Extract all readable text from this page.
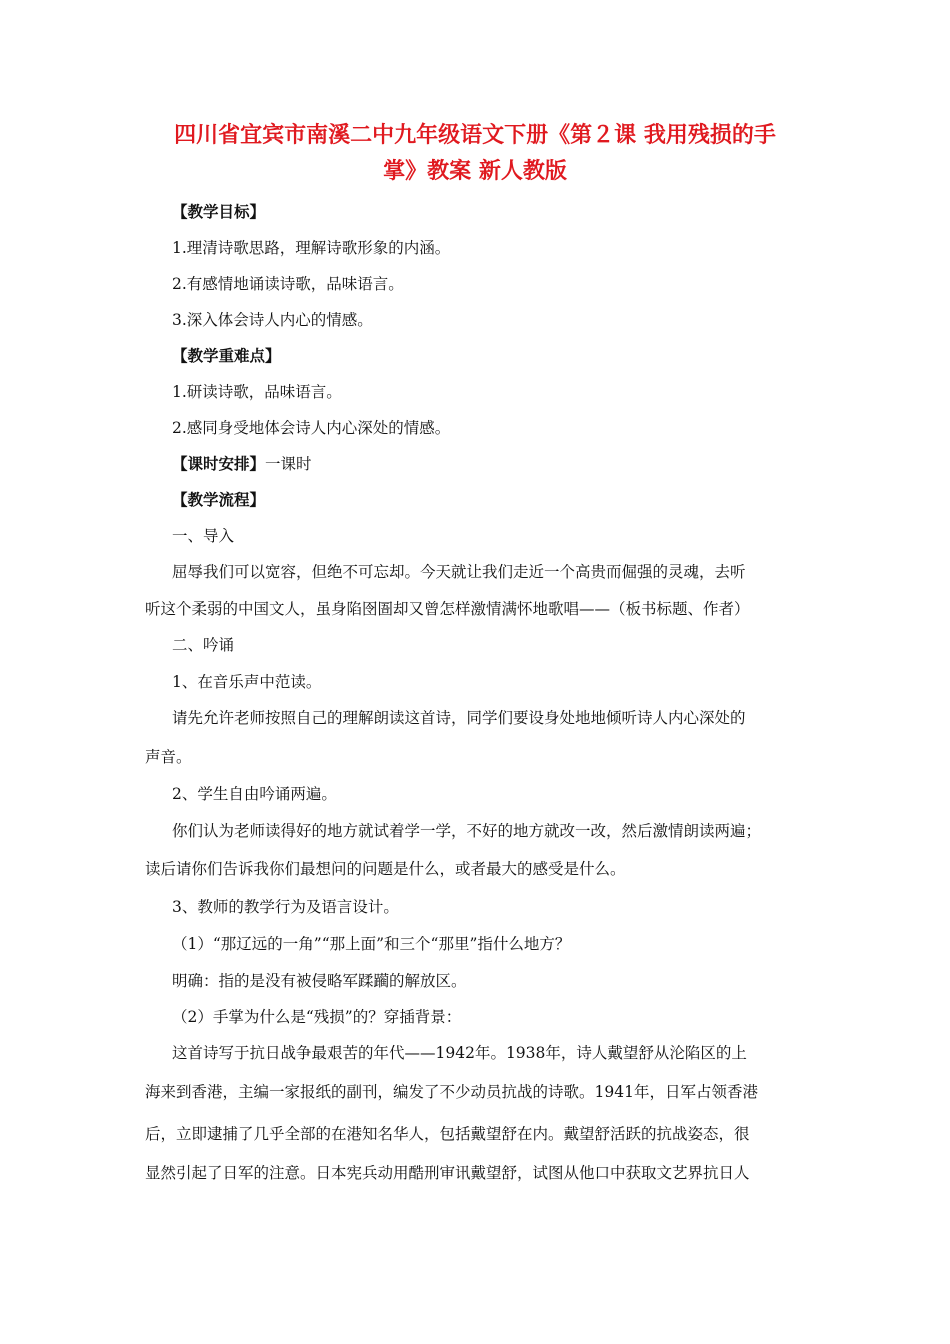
四川省宜宾市南溪二中九年级语文下册《第２课 我用残损的手
掌》教案 新人教版
【教学目标】
1.理清诗歌思路，理解诗歌形象的内涵。
2.有感情地诵读诗歌，品味语言。
3.深入体会诗人内心的情感。
【教学重难点】
1.研读诗歌，品味语言。
2.感同身受地体会诗人内心深处的情感。
【课时安排】一课时
【教学流程】
一、导入
屈辱我们可以宽容，但绝不可忘却。今天就让我们走近一个高贵而倔强的灵魂，去听
听这个柔弱的中国文人，虽身陷囹圄却又曾怎样激情满怀地歌唱——（板书标题、作者）
二、吟诵
1、在音乐声中范读。
请先允许老师按照自己的理解朗读这首诗，同学们要设身处地地倾听诗人内心深处的
声音。
2、学生自由吟诵两遍。
你们认为老师读得好的地方就试着学一学，不好的地方就改一改，然后激情朗读两遍；
读后请你们告诉我你们最想问的问题是什么，或者最大的感受是什么。
3、教师的教学行为及语言设计。
（1）“那辽远的一角”“那上面”和三个“那里”指什么地方？
明确：指的是没有被侵略军蹂躏的解放区。
（2）手掌为什么是“残损”的？穿插背景：
这首诗写于抗日战争最艰苦的年代——1942年。1938年，诗人戴望舒从沦陷区的上
海来到香港，主编一家报纸的副刊，编发了不少动员抗战的诗歌。1941年，日军占领香港
后，立即逮捕了几乎全部的在港知名华人，包括戴望舒在内。戴望舒活跃的抗战姿态，很
显然引起了日军的注意。日本宪兵动用酷刑审讯戴望舒，试图从他口中获取文艺界抗日人
